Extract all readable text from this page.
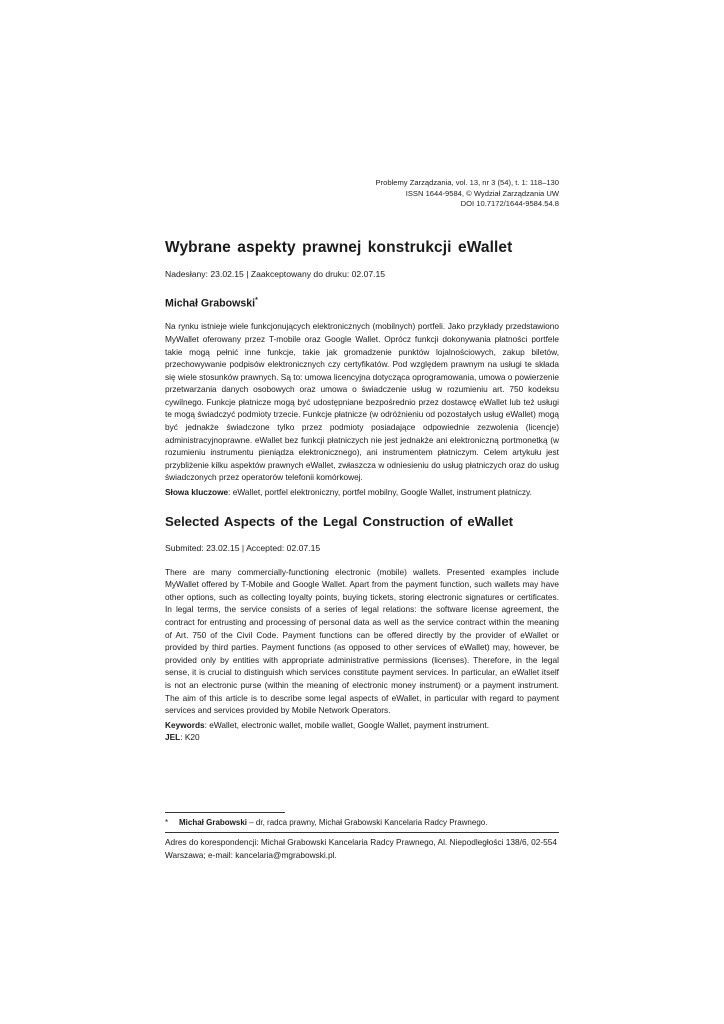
Problemy Zarządzania, vol. 13, nr 3 (54), t. 1: 118–130
ISSN 1644-9584, © Wydział Zarządzania UW
DOI 10.7172/1644-9584.54.8
Wybrane aspekty prawnej konstrukcji eWallet
Nadesłany: 23.02.15 | Zaakceptowany do druku: 02.07.15
Michał Grabowski*

Na rynku istnieje wiele funkcjonujących elektronicznych (mobilnych) portfeli. Jako przykłady przedstawiono MyWallet oferowany przez T-mobile oraz Google Wallet. Oprócz funkcji dokonywania płatności portfele takie mogą pełnić inne funkcje, takie jak gromadzenie punktów lojalnościowych, zakup biletów, przechowywanie podpisów elektronicznych czy certyfikatów. Pod względem prawnym na usługi te składa się wiele stosunków prawnych. Są to: umowa licencyjna dotycząca oprogramowania, umowa o powierzenie przetwarzania danych osobowych oraz umowa o świadczenie usług w rozumieniu art. 750 kodeksu cywilnego. Funkcje płatnicze mogą być udostępniane bezpośrednio przez dostawcę eWallet lub też usługi te mogą świadczyć podmioty trzecie. Funkcje płatnicze (w odróżnieniu od pozostałych usług eWallet) mogą być jednakże świadczone tylko przez podmioty posiadające odpowiednie zezwolenia (licencje) administracyjnoprawne. eWallet bez funkcji płatniczych nie jest jednakże ani elektroniczną portmonetką (w rozumieniu instrumentu pieniądza elektronicznego), ani instrumentem płatniczym. Celem artykułu jest przybliżenie kilku aspektów prawnych eWallet, zwłaszcza w odniesieniu do usług płatniczych oraz do usług świadczonych przez operatorów telefonii komórkowej.

Słowa kluczowe: eWallet, portfel elektroniczny, portfel mobilny, Google Wallet, instrument płatniczy.
Selected Aspects of the Legal Construction of eWallet
Submited: 23.02.15 | Accepted: 02.07.15

There are many commercially-functioning electronic (mobile) wallets. Presented examples include MyWallet offered by T-Mobile and Google Wallet. Apart from the payment function, such wallets may have other options, such as collecting loyalty points, buying tickets, storing electronic signatures or certificates. In legal terms, the service consists of a series of legal relations: the software license agreement, the contract for entrusting and processing of personal data as well as the service contract within the meaning of Art. 750 of the Civil Code. Payment functions can be offered directly by the provider of eWallet or provided by third parties. Payment functions (as opposed to other services of eWallet) may, however, be provided only by entities with appropriate administrative permissions (licenses). Therefore, in the legal sense, it is crucial to distinguish which services constitute payment services. In particular, an eWallet itself is not an electronic purse (within the meaning of electronic money instrument) or a payment instrument. The aim of this article is to describe some legal aspects of eWallet, in particular with regard to payment services and services provided by Mobile Network Operators.

Keywords: eWallet, electronic wallet, mobile wallet, Google Wallet, payment instrument.
JEL: K20
* Michał Grabowski – dr, radca prawny, Michał Grabowski Kancelaria Radcy Prawnego.
Adres do korespondencji: Michał Grabowski Kancelaria Radcy Prawnego, Al. Niepodległości 138/6, 02-554 Warszawa; e-mail: kancelaria@mgrabowski.pl.
